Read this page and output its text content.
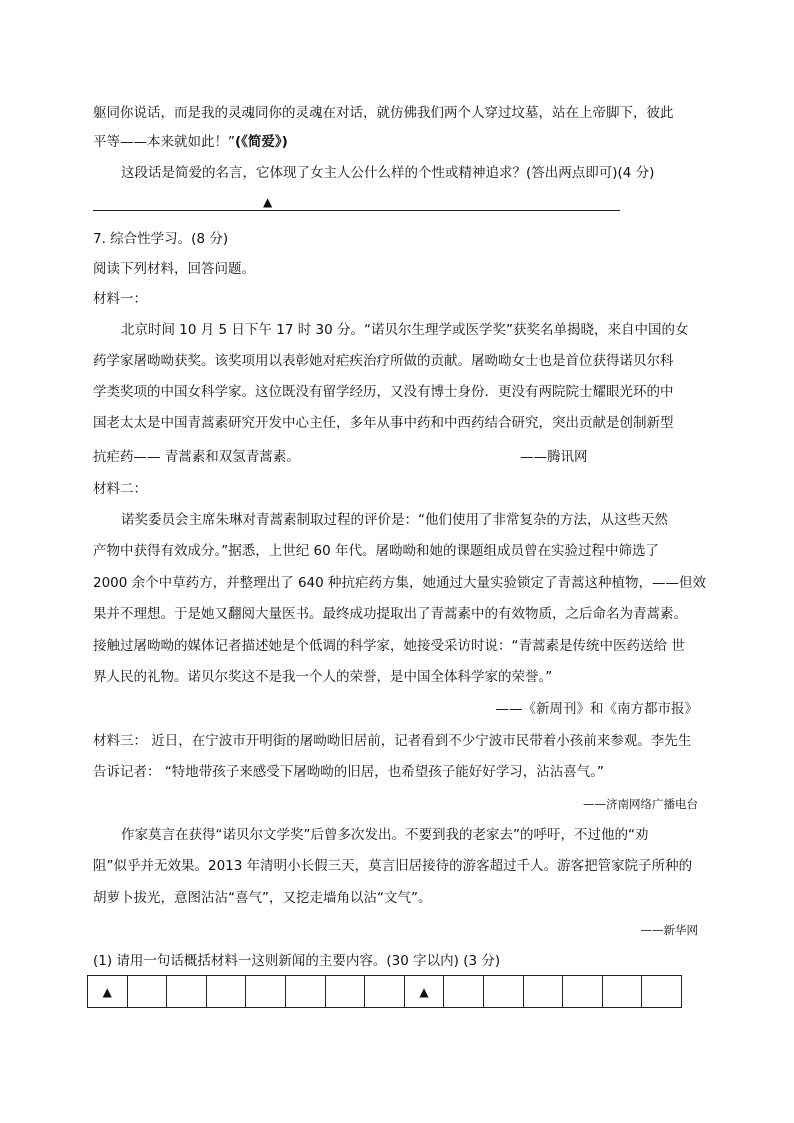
躯同你说话，而是我的灵魂同你的灵魂在对话，就仿佛我们两个人穿过坟墓，站在上帝脚下，彼此
平等——本来就如此！”(《简爱》)
这段话是简爱的名言，它体现了女主人公什么样的个性或精神追求？(答出两点即可)(4 分)
▲
7. 综合性学习。(8 分)
阅读下列材料，回答问题。
材料一：
北京时间 10 月 5 日下午 17 时 30 分。“诺贝尔生理学或医学奖”获奖名单揭晓，来自中国的女
药学家屠呦呦获奖。该奖项用以表彰她对疟疾治疗所做的贡献。屠呦呦女士也是首位获得诺贝尔科
学类奖项的中国女科学家。这位既没有留学经历，又没有博士身份．更没有两院院士耀眼光环的中
国老太太是中国青蒿素研究开发中心主任，多年从事中药和中西药结合研究，突出贡献是创制新型
抗疟药—— 青蒿素和双氢青蒿素。	——腾讯网
材料二：
诺奖委员会主席朱琳对青蒿素制取过程的评价是：“他们使用了非常复杂的方法，从这些天然
产物中获得有效成分。”据悉，上世纪 60 年代。屠呦呦和她的课题组成员曾在实验过程中筛选了
2000 余个中草药方，并整理出了 640 种抗疟药方集，她通过大量实验锁定了青蒿这种植物，——但效
果并不理想。于是她又翻阅大量医书。最终成功提取出了青蒿素中的有效物质，之后命名为青蒿素。
接触过屠呦呦的媒体记者描述她是个低调的科学家，她接受采访时说：“青蒿素是传统中医药送给 世
界人民的礼物。诺贝尔奖这不是我一个人的荣誉，是中国全体科学家的荣誉。”
——《新周刊》和《南方都市报》
材料三： 近日，在宁波市开明街的屠呦呦旧居前，记者看到不少宁波市民带着小孩前来参观。李先生
告诉记者： “特地带孩子来感受下屠呦呦的旧居，也希望孩子能好好学习，沾沾喜气。”
——济南网络广播电台
作家莫言在获得“诺贝尔文学奖”后曾多次发出。不要到我的老家去”的呼吁，不过他的“劝
阻”似乎并无效果。2013 年清明小长假三天，莫言旧居接待的游客超过千人。游客把管家院子所种的
胡萝卜拔光，意图沾沾“喜气”，又挖走墙角以沾“文气”。
——新华网
(1) 请用一句话概括材料一这则新闻的主要内容。(30 字以内) (3 分)
▲	▲
